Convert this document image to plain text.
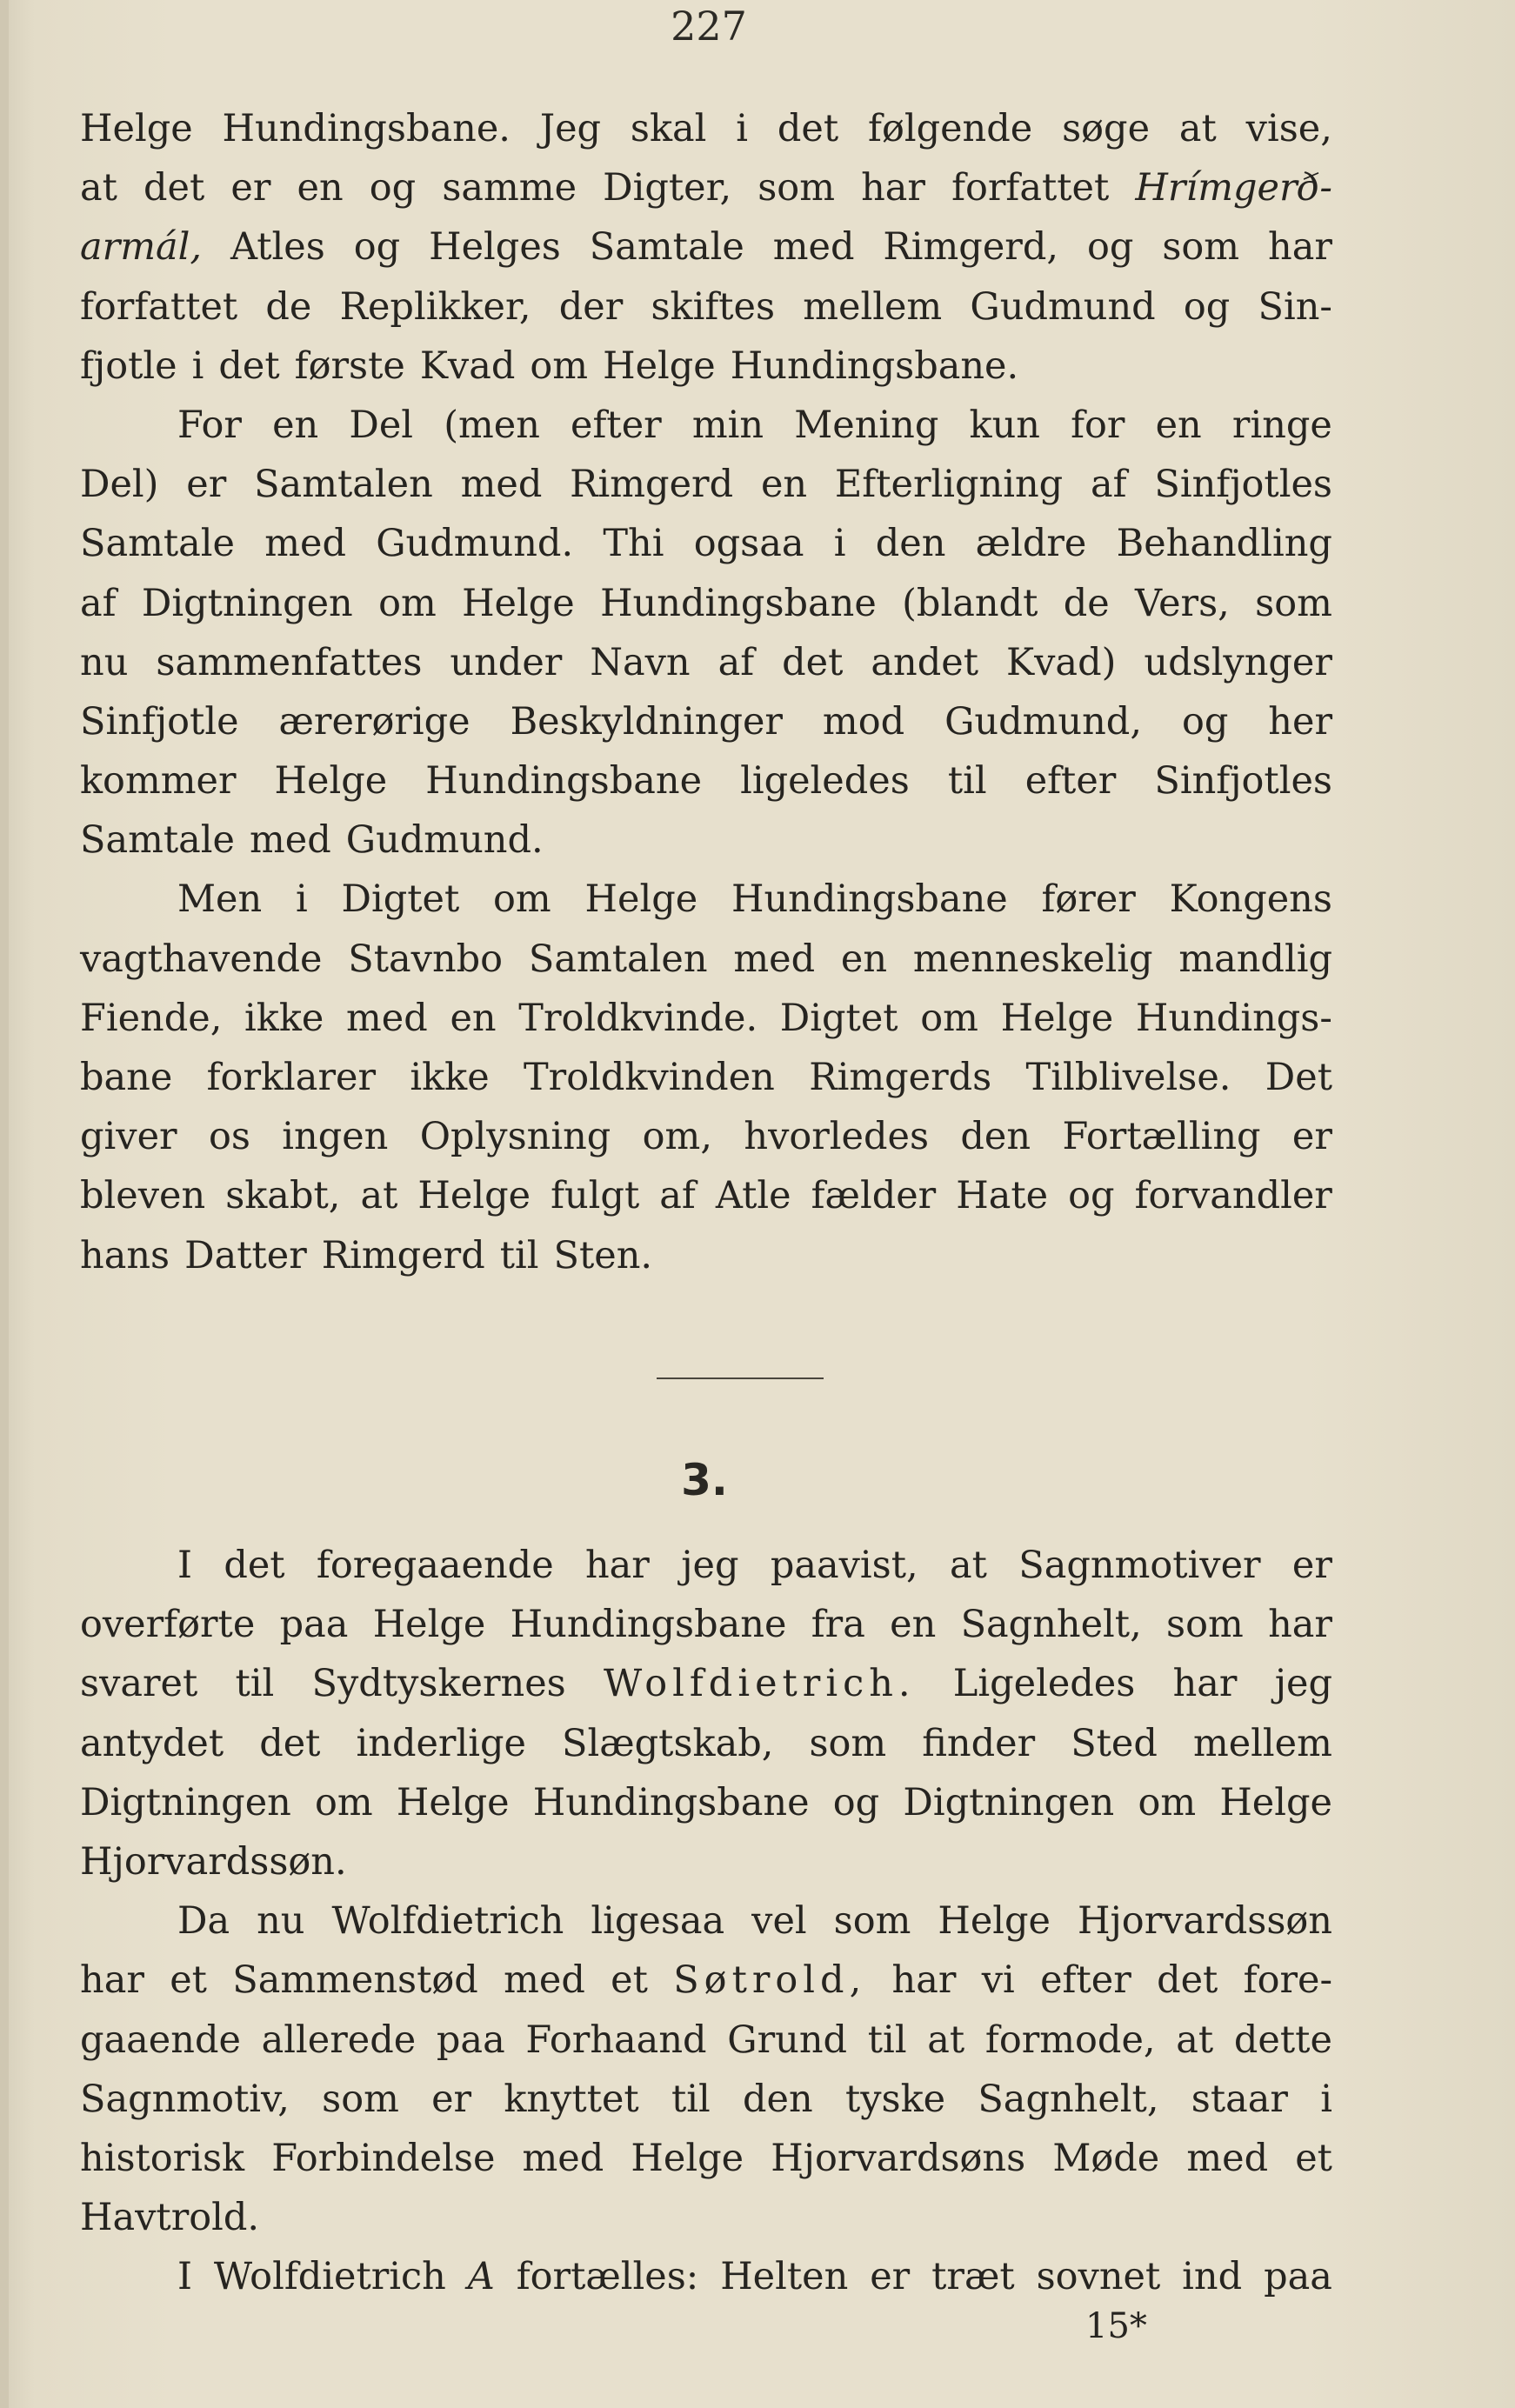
227
Helge Hundingsbane. Jeg skal i det følgende søge at vise,
at det er en og samme Digter, som har forfattet Hrímgerð-
armál, Atles og Helges Samtale med Rimgerd, og som har
forfattet de Replikker, der skiftes mellem Gudmund og Sin-
fjotle i det første Kvad om Helge Hundingsbane.
For en Del (men efter min Mening kun for en ringe
Del) er Samtalen med Rimgerd en Efterligning af Sinfjotles
Samtale med Gudmund. Thi ogsaa i den ældre Behandling
af Digtningen om Helge Hundingsbane (blandt de Vers, som
nu sammenfattes under Navn af det andet Kvad) udslynger
Sinfjotle ærerørige Beskyldninger mod Gudmund, og her
kommer Helge Hundingsbane ligeledes til efter Sinfjotles
Samtale med Gudmund.
Men i Digtet om Helge Hundingsbane fører Kongens
vagthavende Stavnbo Samtalen med en menneskelig mandlig
Fiende, ikke med en Troldkvinde. Digtet om Helge Hundings-
bane forklarer ikke Troldkvinden Rimgerds Tilblivelse. Det
giver os ingen Oplysning om, hvorledes den Fortælling er
bleven skabt, at Helge fulgt af Atle fælder Hate og forvandler
hans Datter Rimgerd til Sten.
3.
I det foregaaende har jeg paavist, at Sagnmotiver er
overførte paa Helge Hundingsbane fra en Sagnhelt, som har
svaret til Sydtyskernes Wolfdietrich. Ligeledes har jeg
antydet det inderlige Slægtskab, som finder Sted mellem
Digtningen om Helge Hundingsbane og Digtningen om Helge
Hjorvardssøn.
Da nu Wolfdietrich ligesaa vel som Helge Hjorvardssøn
har et Sammenstød med et Søtrold, har vi efter det fore-
gaaende allerede paa Forhaand Grund til at formode, at dette
Sagnmotiv, som er knyttet til den tyske Sagnhelt, staar i
historisk Forbindelse med Helge Hjorvardsøns Møde med et
Havtrold.
I Wolfdietrich A fortælles: Helten er træt sovnet ind paa
15*
